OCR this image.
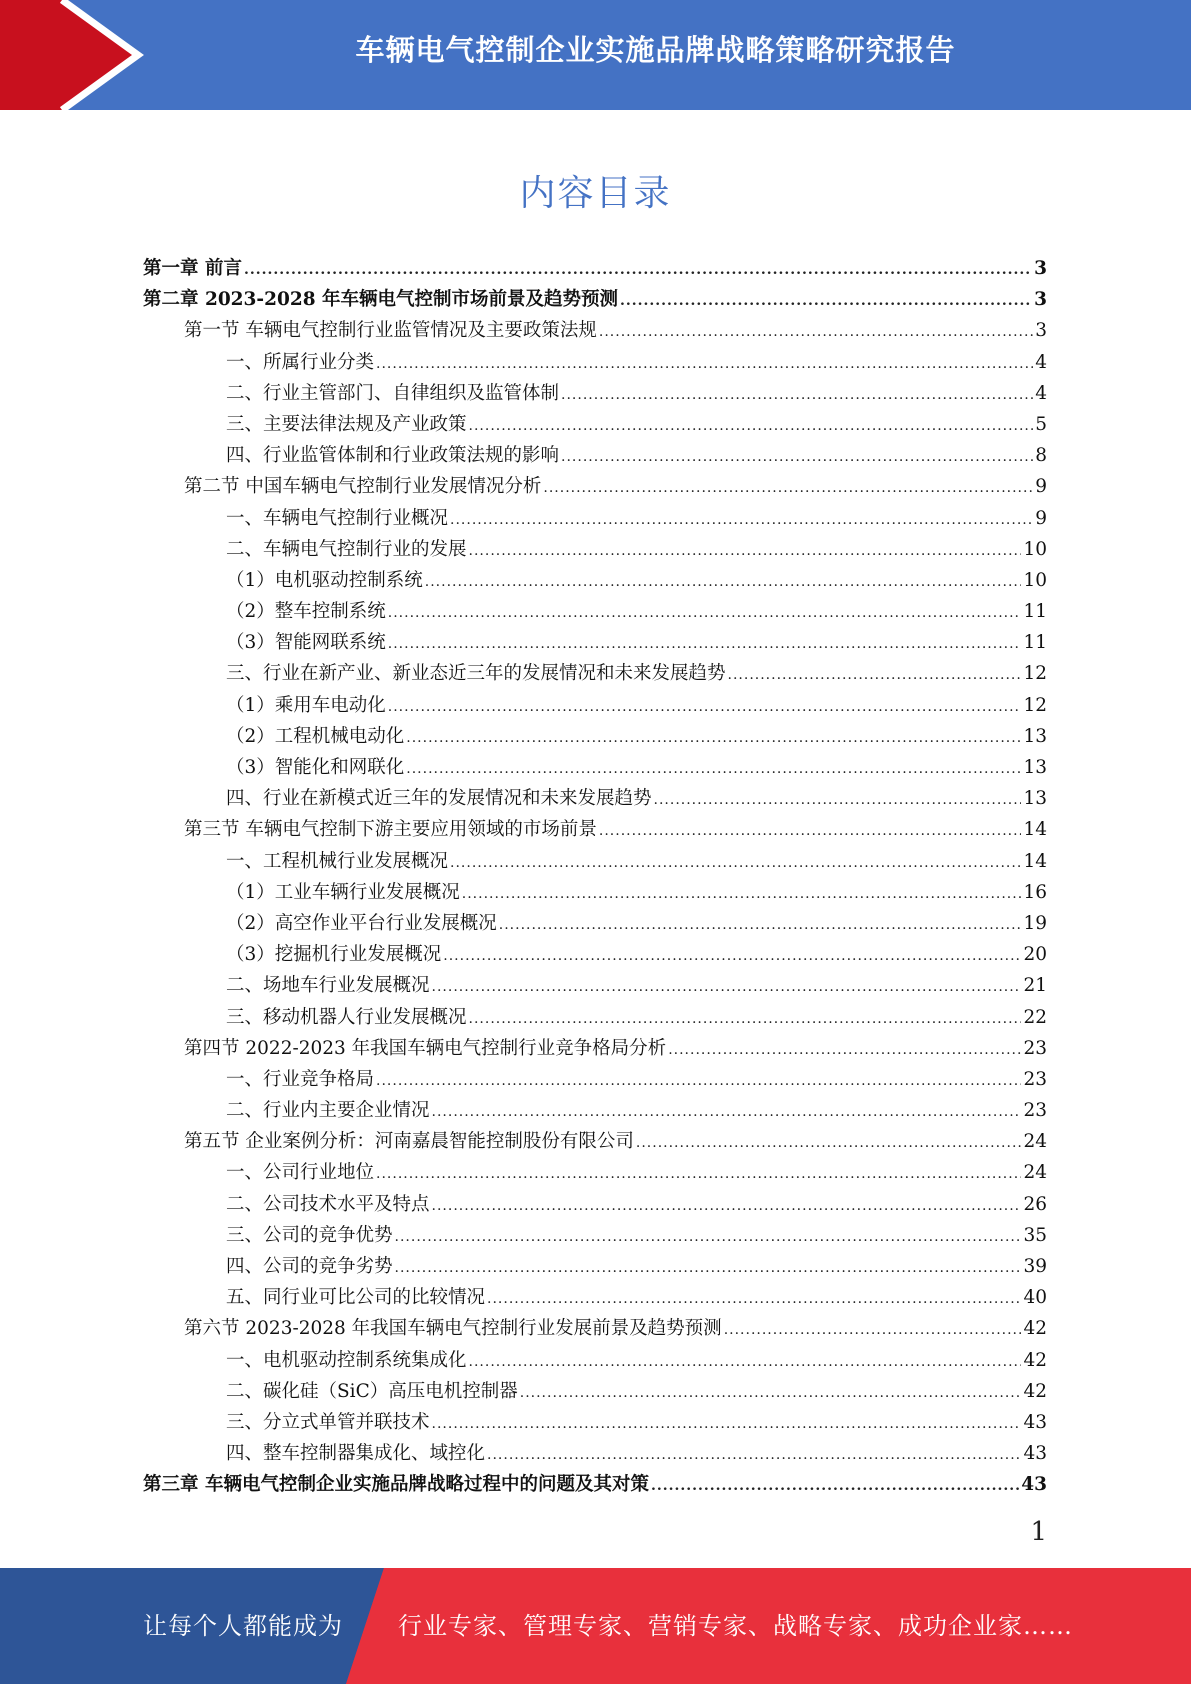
车辆电气控制企业实施品牌战略策略研究报告
内容目录
第一章 前言 .....	3
第二章 2023-2028 年车辆电气控制市场前景及趋势预测 .....	3
第一节 车辆电气控制行业监管情况及主要政策法规 .....	3
一、所属行业分类 .....	4
二、行业主管部门、自律组织及监管体制 .....	4
三、主要法律法规及产业政策 .....	5
四、行业监管体制和行业政策法规的影响 .....	8
第二节 中国车辆电气控制行业发展情况分析 .....	9
一、车辆电气控制行业概况 .....	9
二、车辆电气控制行业的发展 .....	10
（1）电机驱动控制系统 .....	10
（2）整车控制系统 .....	11
（3）智能网联系统 .....	11
三、行业在新产业、新业态近三年的发展情况和未来发展趋势 .....	12
（1）乘用车电动化 .....	12
（2）工程机械电动化 .....	13
（3）智能化和网联化 .....	13
四、行业在新模式近三年的发展情况和未来发展趋势 .....	13
第三节 车辆电气控制下游主要应用领域的市场前景 .....	14
一、工程机械行业发展概况 .....	14
（1）工业车辆行业发展概况 .....	16
（2）高空作业平台行业发展概况 .....	19
（3）挖掘机行业发展概况 .....	20
二、场地车行业发展概况 .....	21
三、移动机器人行业发展概况 .....	22
第四节 2022-2023 年我国车辆电气控制行业竞争格局分析 .....	23
一、行业竞争格局 .....	23
二、行业内主要企业情况 .....	23
第五节 企业案例分析：河南嘉晨智能控制股份有限公司 .....	24
一、公司行业地位 .....	24
二、公司技术水平及特点 .....	26
三、公司的竞争优势 .....	35
四、公司的竞争劣势 .....	39
五、同行业可比公司的比较情况 .....	40
第六节 2023-2028 年我国车辆电气控制行业发展前景及趋势预测 .....	42
一、电机驱动控制系统集成化 .....	42
二、碳化硅（SiC）高压电机控制器 .....	42
三、分立式单管并联技术 .....	43
四、整车控制器集成化、域控化 .....	43
第三章 车辆电气控制企业实施品牌战略过程中的问题及其对策 .....	43
1
让每个人都能成为 行业专家、管理专家、营销专家、战略专家、成功企业家……
